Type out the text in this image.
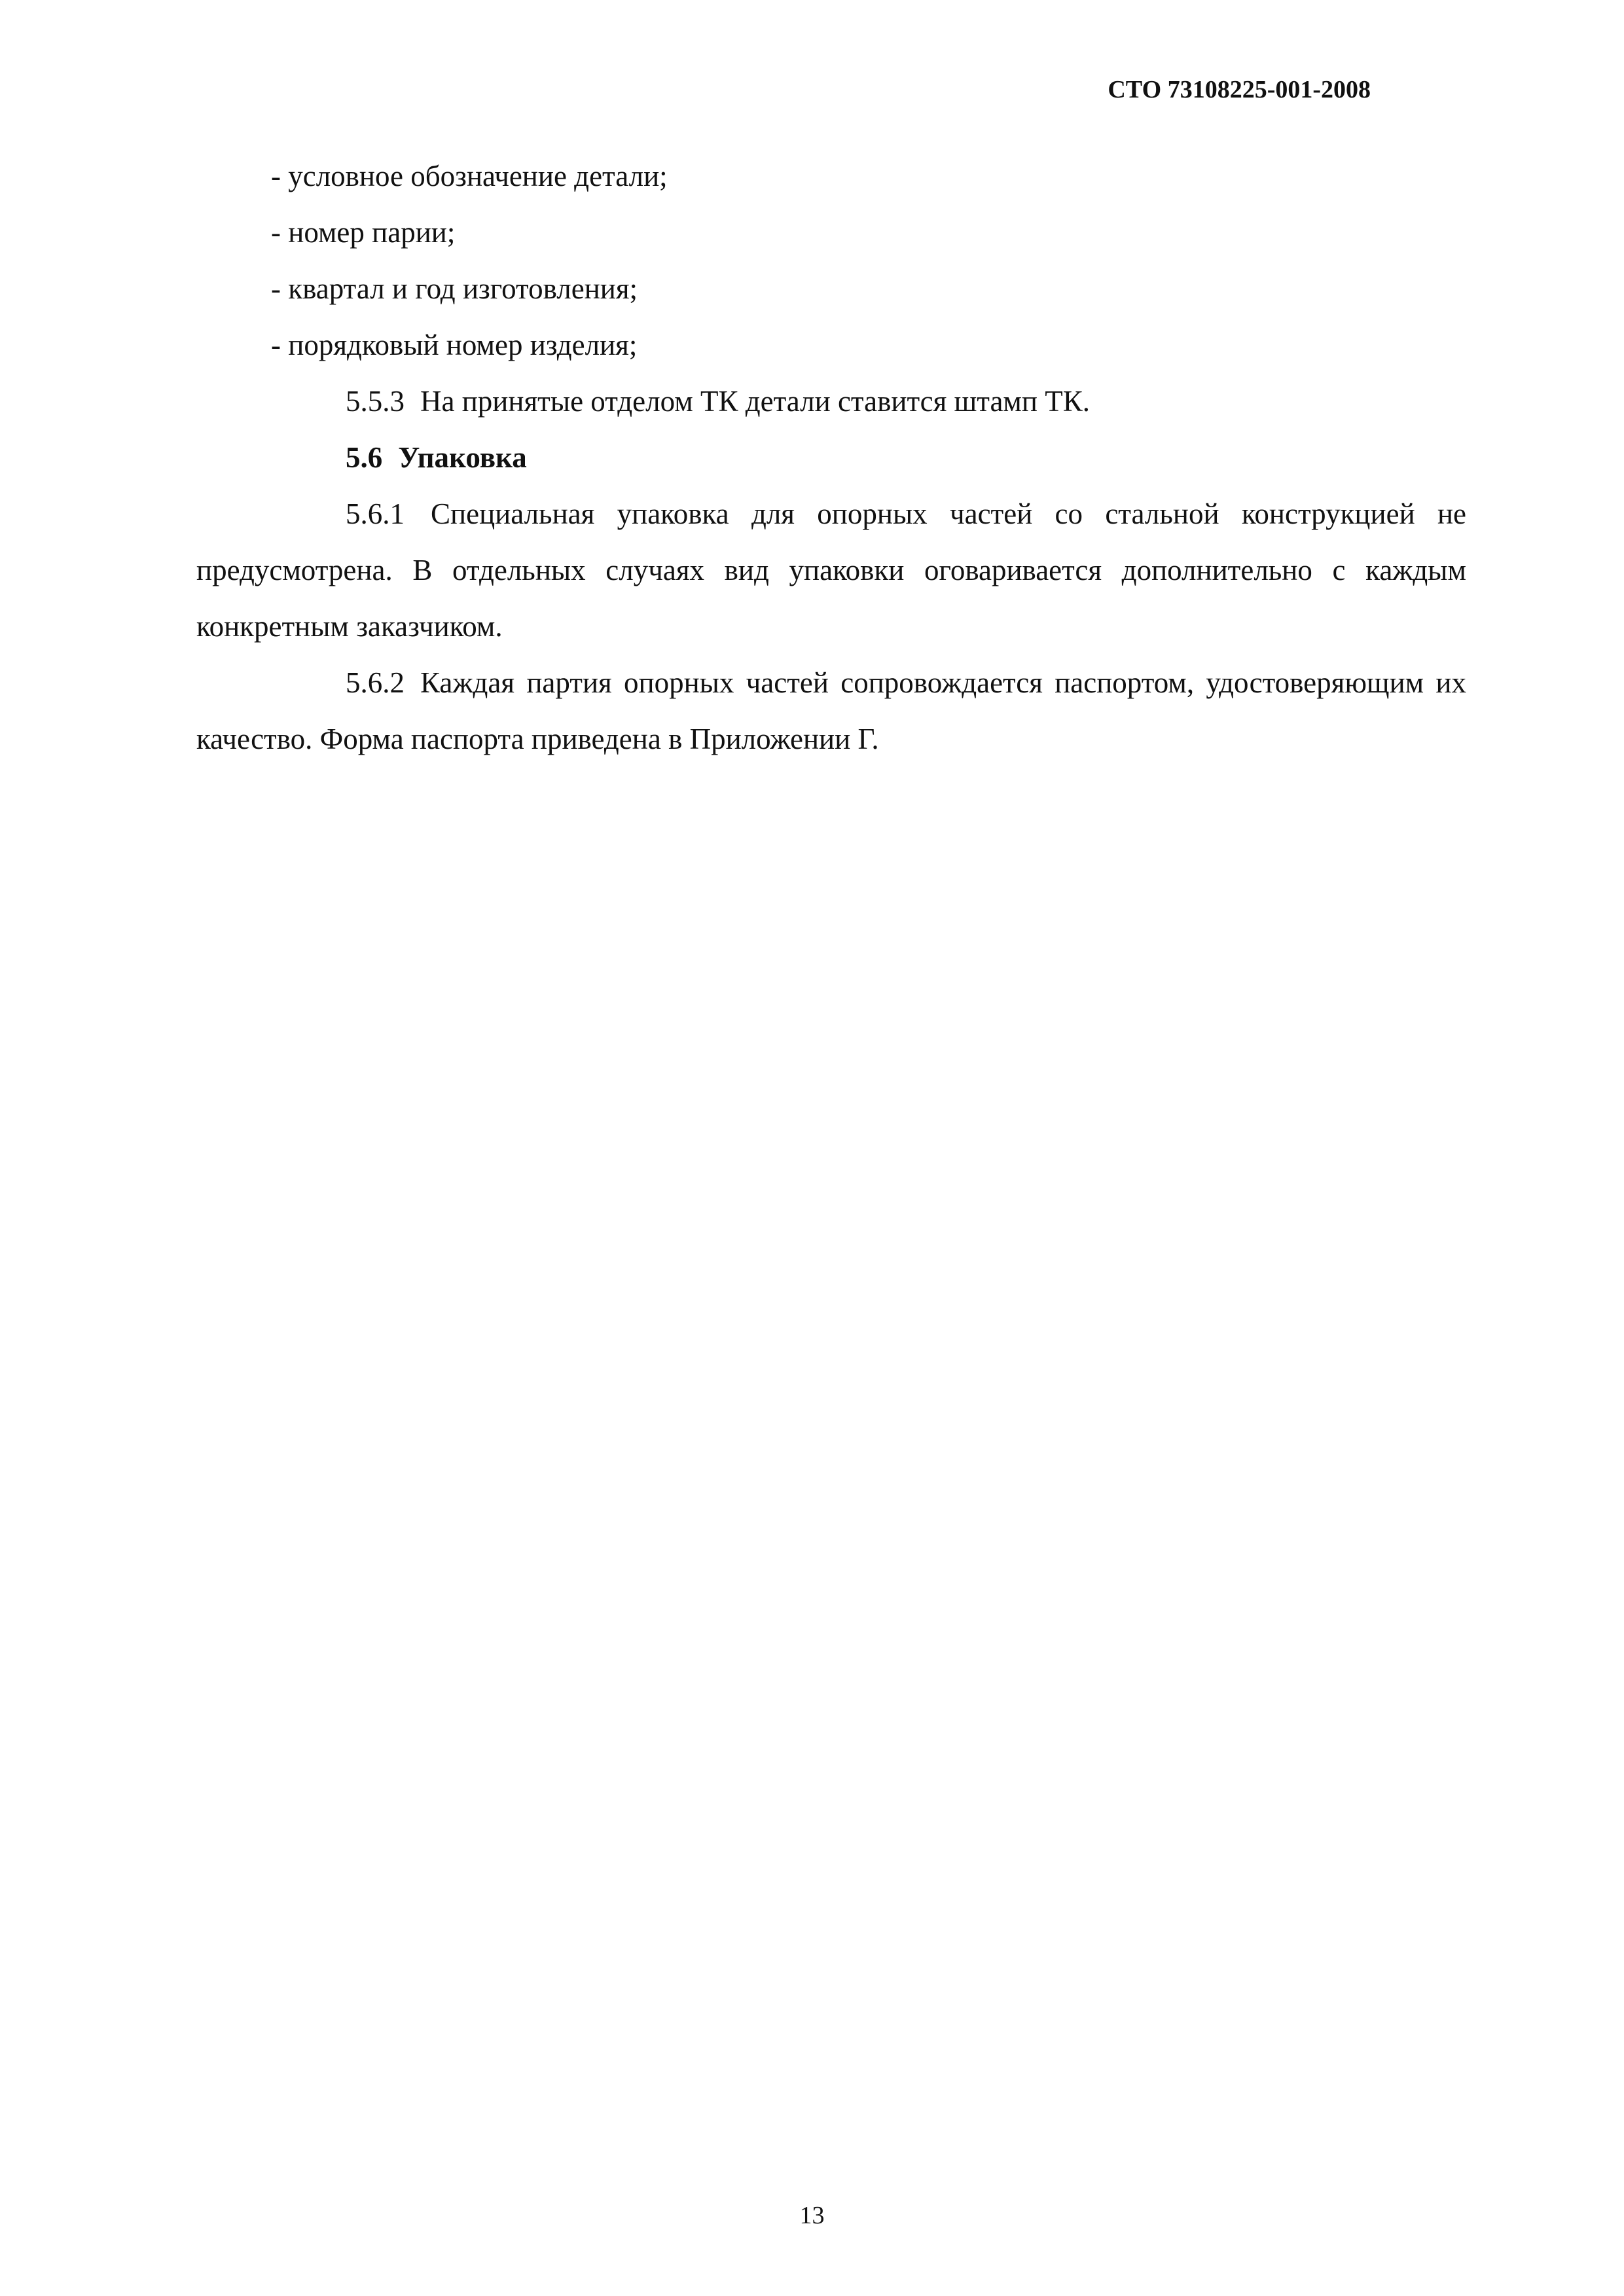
СТО 73108225-001-2008

- условное обозначение детали;

- номер парии;

- квартал и год изготовления;

- порядковый номер изделия;

5.5.3 На принятые отделом ТК детали ставится штамп ТК.

5.6 Упаковка

5.6.1 Специальная упаковка для опорных частей со стальной конструкцией не предусмотрена. В отдельных случаях вид упаковки оговаривается дополнительно с каждым конкретным заказчиком.

5.6.2 Каждая партия опорных частей сопровождается паспортом, удостоверяющим их качество. Форма паспорта приведена в Приложении Г.

13
